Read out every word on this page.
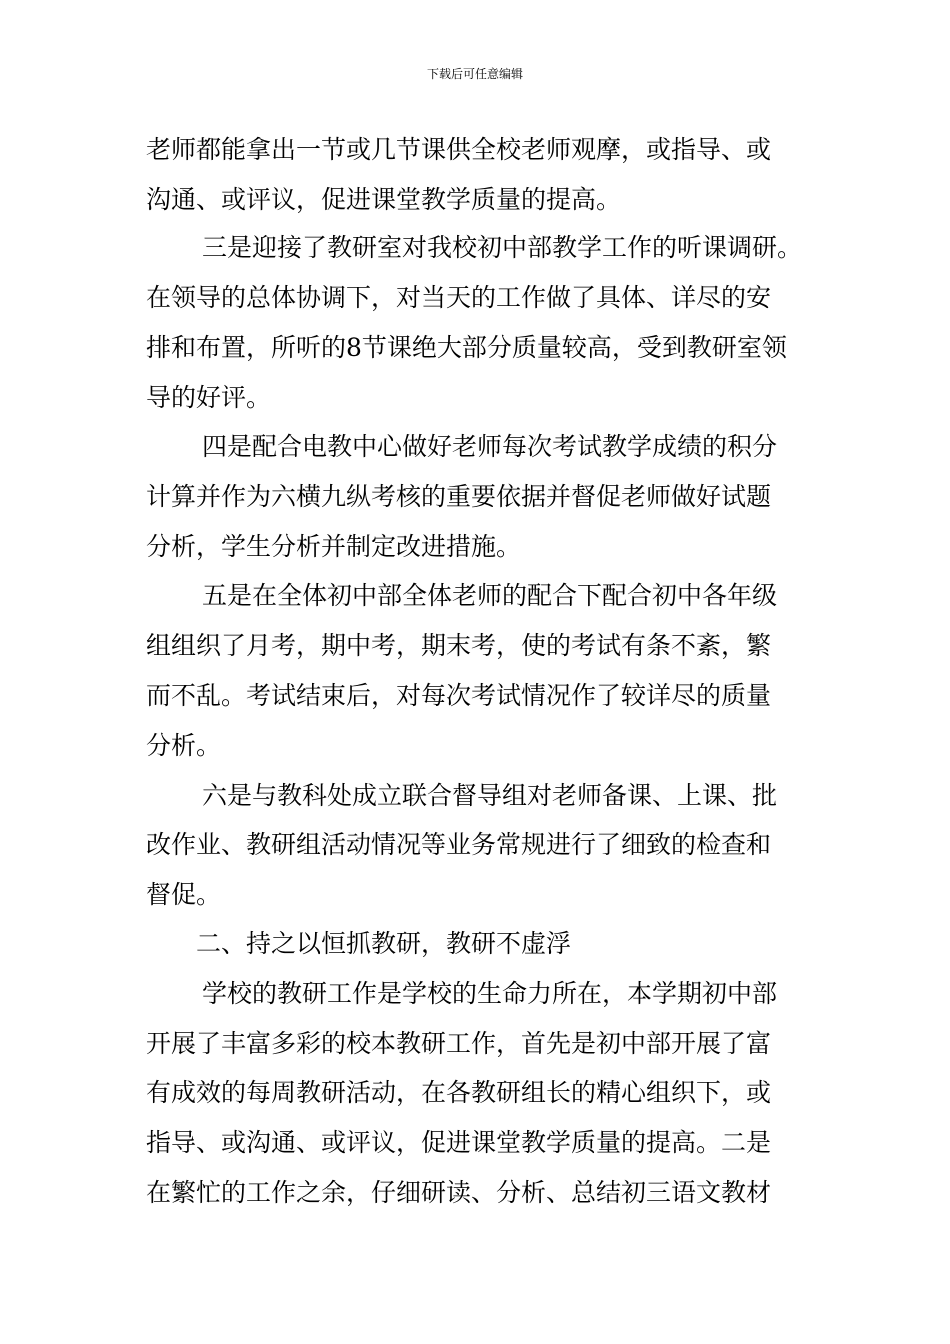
下载后可任意编辑
老师都能拿出一节或几节课供全校老师观摩，或指导、或
沟通、或评议，促进课堂教学质量的提高。
三是迎接了教研室对我校初中部教学工作的听课调研。
在领导的总体协调下，对当天的工作做了具体、详尽的安
排和布置，所听的8节课绝大部分质量较高，受到教研室领
导的好评。
四是配合电教中心做好老师每次考试教学成绩的积分
计算并作为六横九纵考核的重要依据并督促老师做好试题
分析，学生分析并制定改进措施。
五是在全体初中部全体老师的配合下配合初中各年级
组组织了月考，期中考，期末考，使的考试有条不紊，繁
而不乱。考试结束后，对每次考试情况作了较详尽的质量
分析。
六是与教科处成立联合督导组对老师备课、上课、批
改作业、教研组活动情况等业务常规进行了细致的检查和
督促。
二、持之以恒抓教研，教研不虚浮
学校的教研工作是学校的生命力所在，本学期初中部
开展了丰富多彩的校本教研工作，首先是初中部开展了富
有成效的每周教研活动，在各教研组长的精心组织下，或
指导、或沟通、或评议，促进课堂教学质量的提高。二是
在繁忙的工作之余，仔细研读、分析、总结初三语文教材
